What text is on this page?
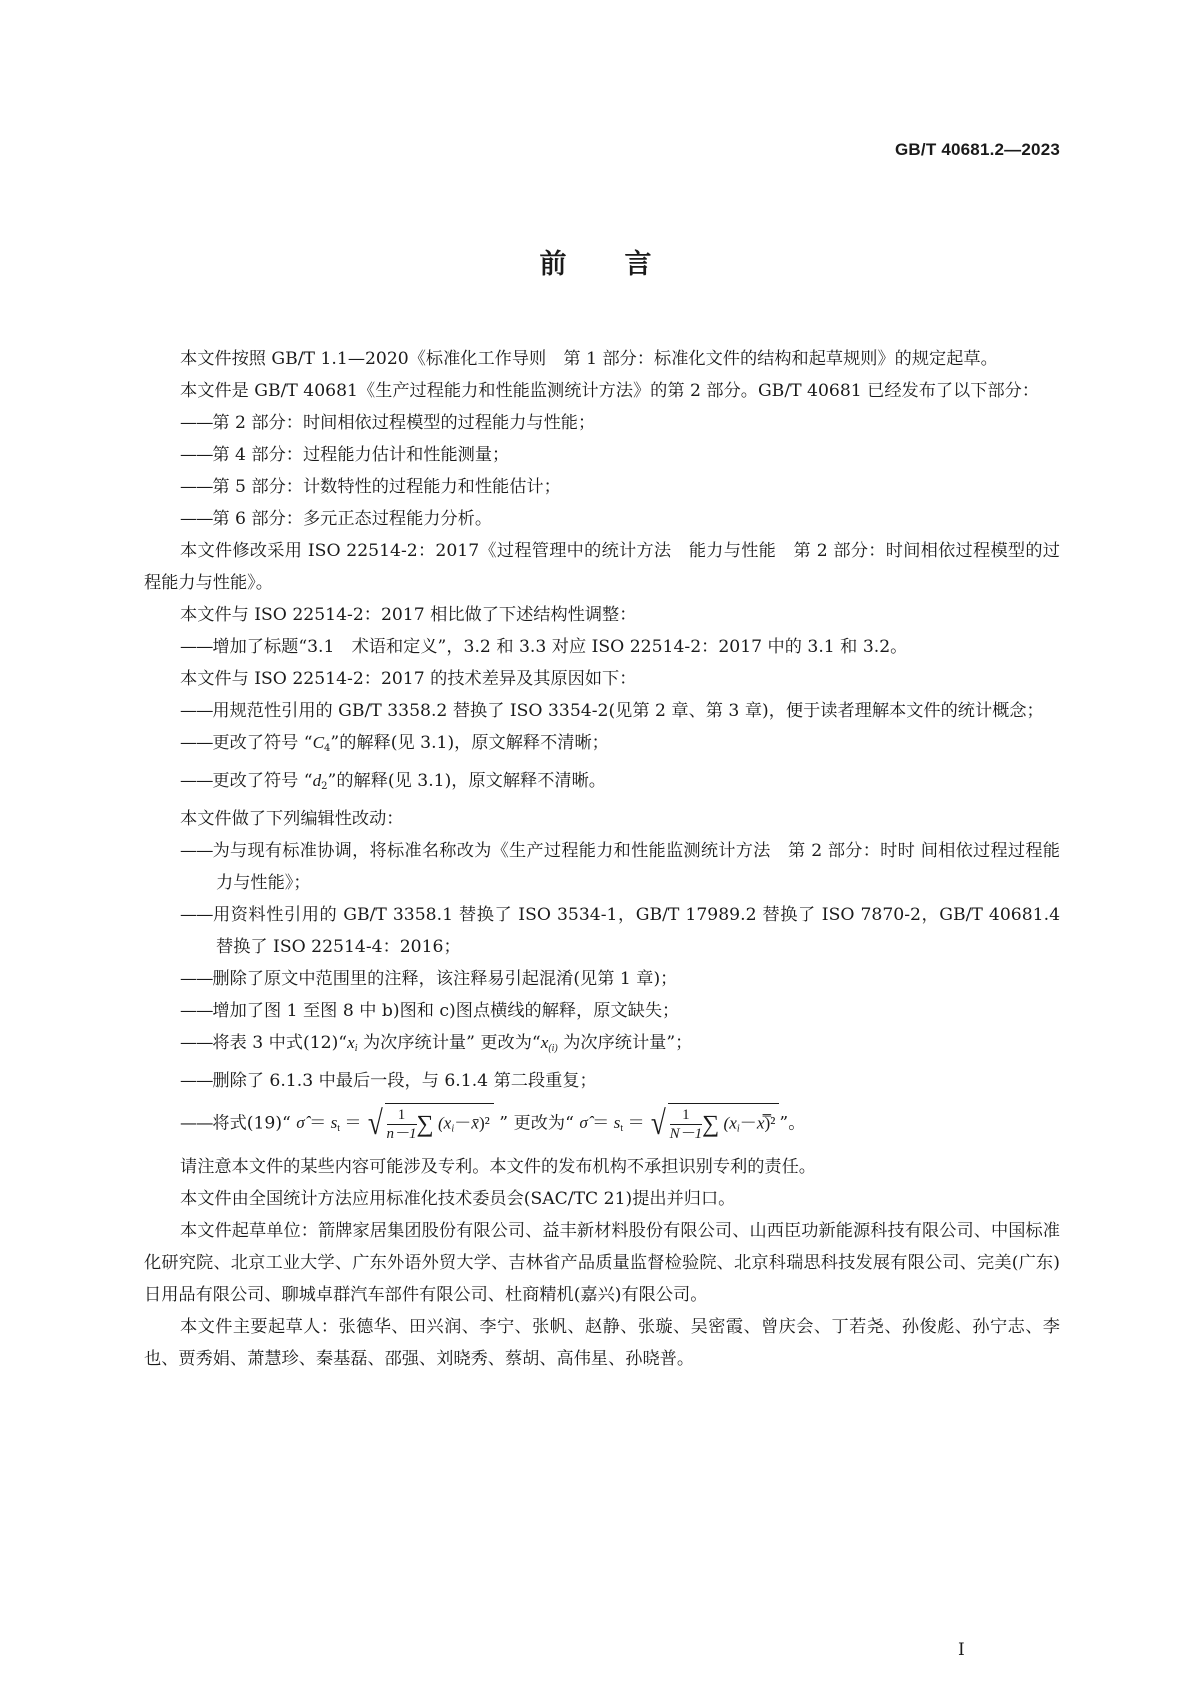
GB/T 40681.2—2023
前言
本文件按照 GB/T 1.1—2020《标准化工作导则　第 1 部分：标准化文件的结构和起草规则》的规定起草。
本文件是 GB/T 40681《生产过程能力和性能监测统计方法》的第 2 部分。GB/T 40681 已经发布了以下部分：
——第 2 部分：时间相依过程模型的过程能力与性能；
——第 4 部分：过程能力估计和性能测量；
——第 5 部分：计数特性的过程能力和性能估计；
——第 6 部分：多元正态过程能力分析。
本文件修改采用 ISO 22514-2：2017《过程管理中的统计方法　能力与性能　第 2 部分：时间相依过程模型的过程能力与性能》。
本文件与 ISO 22514-2：2017 相比做了下述结构性调整：
——增加了标题“3.1　术语和定义”，3.2 和 3.3 对应 ISO 22514-2：2017 中的 3.1 和 3.2。
本文件与 ISO 22514-2：2017 的技术差异及其原因如下：
——用规范性引用的 GB/T 3358.2 替换了 ISO 3354-2(见第 2 章、第 3 章)，便于读者理解本文件的统计概念；
——更改了符号 “$C_4$”的解释(见 3.1)，原文解释不清晰；
——更改了符号 “$d_2$”的解释(见 3.1)，原文解释不清晰。
本文件做了下列编辑性改动：
——为与现有标准协调，将标准名称改为《生产过程能力和性能监测统计方法　第 2 部分：时时 间相依过程过程能力与性能》；
——用资料性引用的 GB/T 3358.1 替换了 ISO 3534-1，GB/T 17989.2 替换了 ISO 7870-2，GB/T 40681.4 替换了 ISO 22514-4：2016；
——删除了原文中范围里的注释，该注释易引起混淆(见第 1 章)；
——增加了图 1 至图 8 中 b)图和 c)图点横线的解释，原文缺失；
——将表 3 中式$(12)“x_i$ 为次序统计量” 更改为“$x_{(i)}$ 为次序统计量”；
——删除了 6.1.3 中最后一段，与 6.1.4 第二段重复；
——将式(19)“ σ̂ ＝ $s_t$ ＝ √ $\frac{1}{n-1}$ ∑ $(x_i-x̄)^2$ ” 更改为“ σ̂ ＝ $s_t$ ＝ √ $\frac{1}{N-1}$ ∑ $(x_i-x̿)^2$ ”。
请注意本文件的某些内容可能涉及专利。本文件的发布机构不承担识别专利的责任。
本文件由全国统计方法应用标准化技术委员会(SAC/TC 21)提出并归口。
本文件起草单位：箭牌家居集团股份有限公司、益丰新材料股份有限公司、山西臣功新能源科技有限公司、中国标准化研究院、北京工业大学、广东外语外贸大学、吉林省产品质量监督检验院、北京科瑞思科技发展有限公司、完美(广东)日用品有限公司、聊城卓群汽车部件有限公司、杜商精机(嘉兴)有限公司。
本文件主要起草人：张德华、田兴润、李宁、张帆、赵静、张璇、吴密霞、曾庆会、丁若尧、孙俊彪、孙宁志、李也、贾秀娟、萧慧珍、秦基磊、邵强、刘晓秀、蔡胡、高伟星、孙晓普。
I
